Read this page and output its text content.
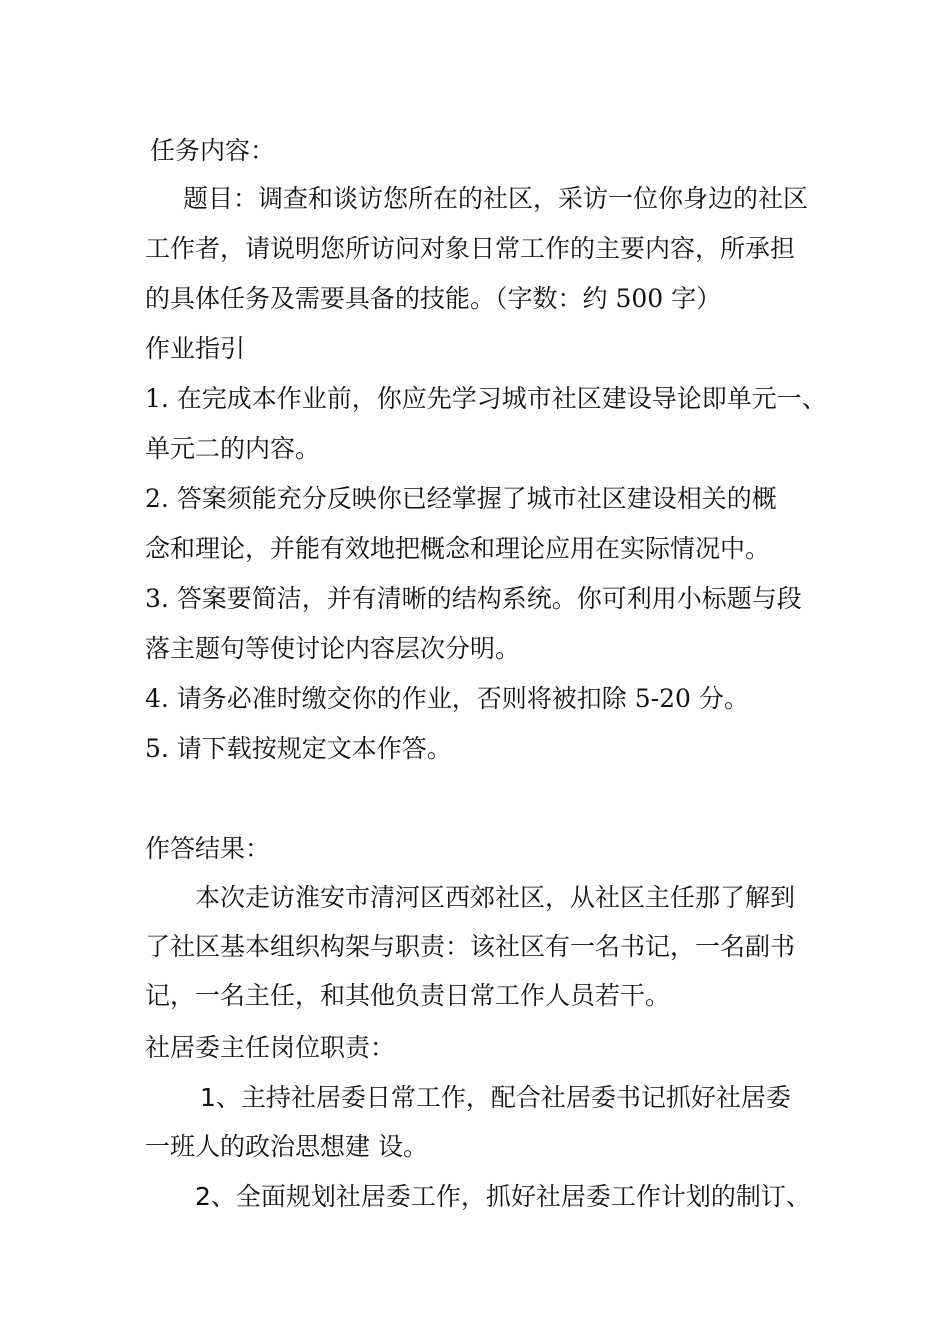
任务内容：
题目：调查和谈访您所在的社区，采访一位你身边的社区
工作者，请说明您所访问对象日常工作的主要内容，所承担
的具体任务及需要具备的技能。（字数：约 500 字）
作业指引
1. 在完成本作业前，你应先学习城市社区建设导论即单元一、
单元二的内容。
2. 答案须能充分反映你已经掌握了城市社区建设相关的概
念和理论，并能有效地把概念和理论应用在实际情况中。
3. 答案要简洁，并有清晰的结构系统。你可利用小标题与段
落主题句等使讨论内容层次分明。
4. 请务必准时缴交你的作业，否则将被扣除 5-20 分。
5. 请下载按规定文本作答。
作答结果：
本次走访淮安市清河区西郊社区，从社区主任那了解到
了社区基本组织构架与职责：该社区有一名书记，一名副书
记，一名主任，和其他负责日常工作人员若干。
社居委主任岗位职责：
1、主持社居委日常工作，配合社居委书记抓好社居委
一班人的政治思想建 设。
2、全面规划社居委工作，抓好社居委工作计划的制订、
